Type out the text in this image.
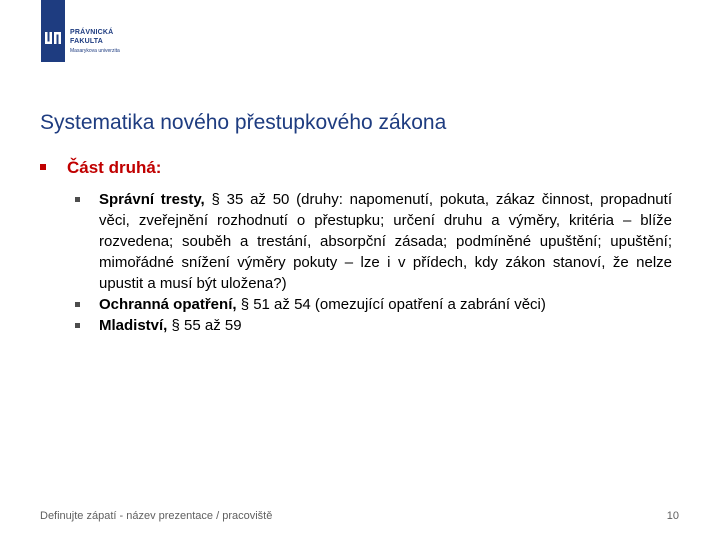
PRÁVNICKÁ
FAKULTA
Masarykova univerzita
Systematika nového přestupkového zákona
Část druhá:
Správní tresty, § 35 až 50 (druhy: napomenutí, pokuta, zákaz činnost, propadnutí věci, zveřejnění rozhodnutí o přestupku; určení druhu a výměry, kritéria – blíže rozvedena; souběh a trestání, absorpční zásada; podmíněné upuštění; upuštění; mimořádné snížení výměry pokuty – lze i v přídech, kdy zákon stanoví, že nelze upustit a musí být uložena?)
Ochranná opatření, § 51 až 54 (omezující opatření a zabrání věci)
Mladiství, § 55 až 59
Definujte zápatí - název prezentace / pracoviště	10
